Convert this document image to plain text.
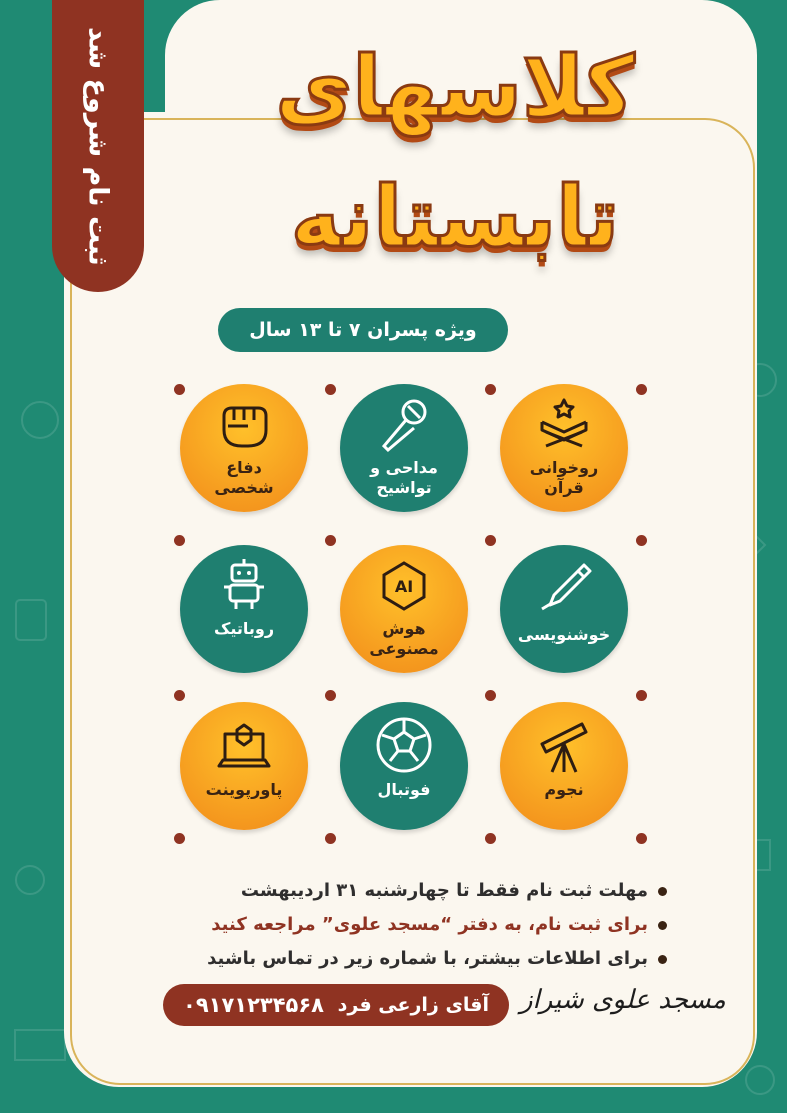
ثبت نام شروع شد	کلاسهای
تابستانه
ویژه پسران ۷ تا ۱۳ سال
روخوانی
قرآن
مداحی و
تواشیح
دفاع
شخصی
خوشنویسی
AI
هوش
مصنوعی
روباتیک
نجوم
فوتبال
پاورپوینت
مهلت ثبت نام فقط تا چهارشنبه ۳۱ اردیبهشت
برای ثبت نام، به دفتر “مسجد علوی” مراجعه کنید
برای اطلاعات بیشتر، با شماره زیر در تماس باشید
۰۹۱۷۱۲۳۴۵۶۸ آقای زارعی فرد مسجد علوی شیراز
